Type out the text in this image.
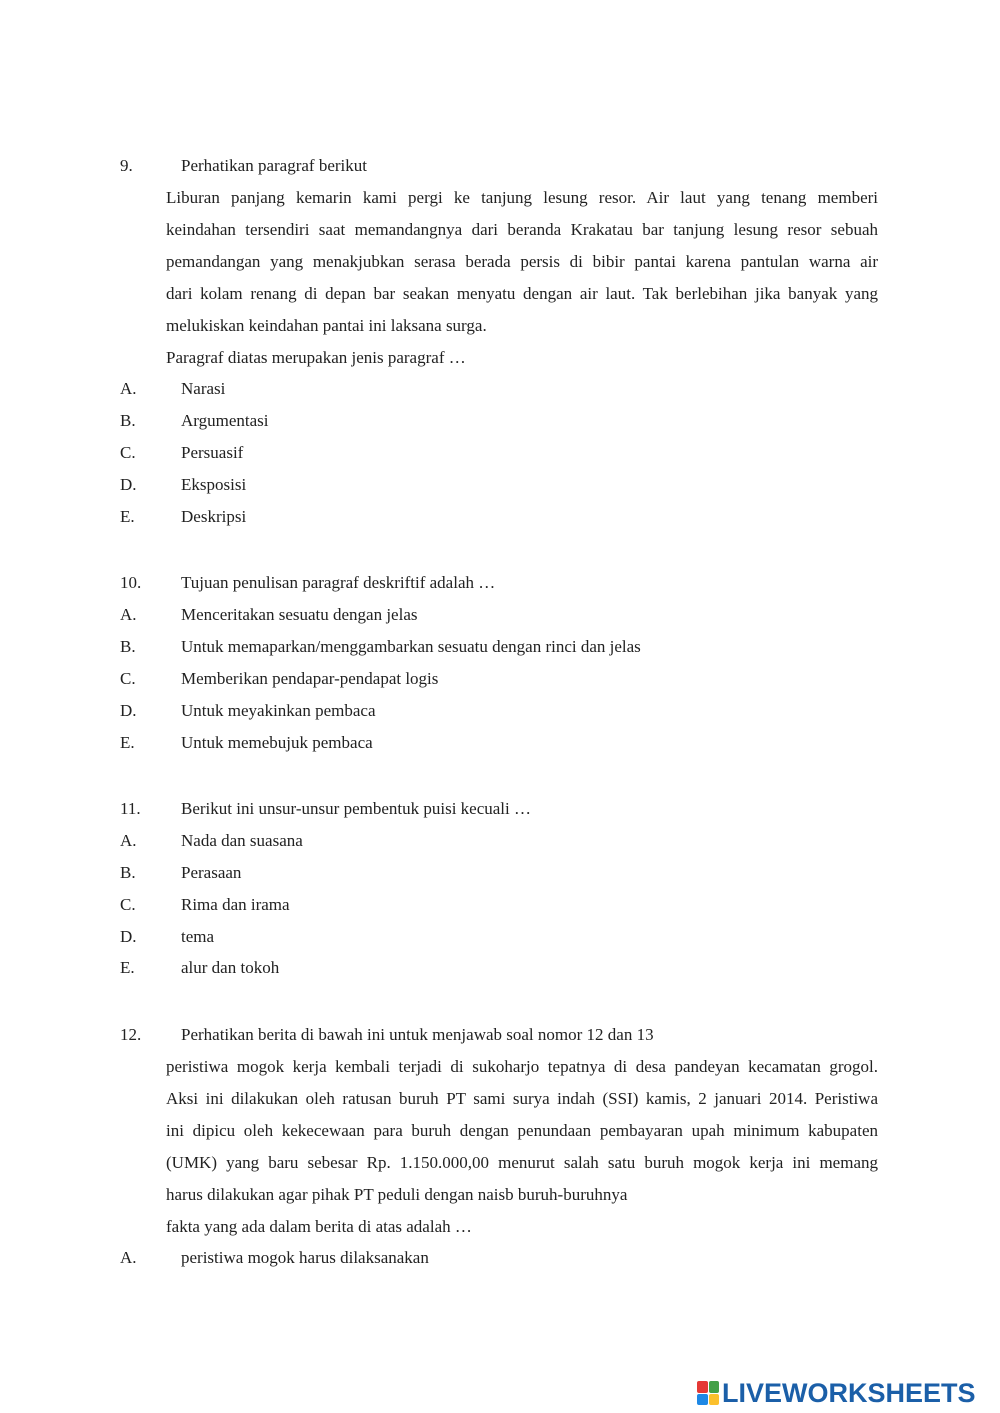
9.	Perhatikan paragraf berikut
Liburan panjang kemarin kami pergi ke tanjung lesung resor. Air laut yang tenang memberi
keindahan tersendiri saat memandangnya dari beranda Krakatau bar tanjung lesung resor sebuah
pemandangan yang menakjubkan serasa berada persis di bibir pantai karena pantulan warna air
dari kolam renang di depan bar seakan menyatu dengan air laut. Tak berlebihan jika banyak yang
melukiskan keindahan pantai ini laksana surga.
Paragraf diatas merupakan jenis paragraf …
A.	Narasi
B.	Argumentasi
C.	Persuasif
D.	Eksposisi
E.	Deskripsi
10. Tujuan penulisan paragraf deskriftif adalah …
A.	Menceritakan sesuatu dengan jelas
B.	Untuk memaparkan/menggambarkan sesuatu dengan rinci dan jelas
C.	Memberikan pendapar-pendapat logis
D.	Untuk meyakinkan pembaca
E.	Untuk memebujuk pembaca
11. Berikut ini unsur-unsur pembentuk puisi kecuali …
A.	Nada dan suasana
B.	Perasaan
C.	Rima dan irama
D.	tema
E.	alur dan tokoh
12. Perhatikan berita di bawah ini untuk menjawab soal nomor 12 dan 13
peristiwa mogok kerja kembali terjadi di sukoharjo tepatnya di desa pandeyan kecamatan grogol.
Aksi ini dilakukan oleh ratusan buruh PT sami surya indah (SSI) kamis, 2 januari 2014. Peristiwa
ini dipicu oleh kekecewaan para buruh dengan penundaan pembayaran upah minimum kabupaten
(UMK) yang baru sebesar Rp. 1.150.000,00 menurut salah satu buruh mogok kerja ini memang
harus dilakukan agar pihak PT peduli dengan naisb buruh-buruhnya
fakta yang ada dalam berita di atas adalah …
A.	peristiwa mogok harus dilaksanakan
LIVEWORKSHEETS
